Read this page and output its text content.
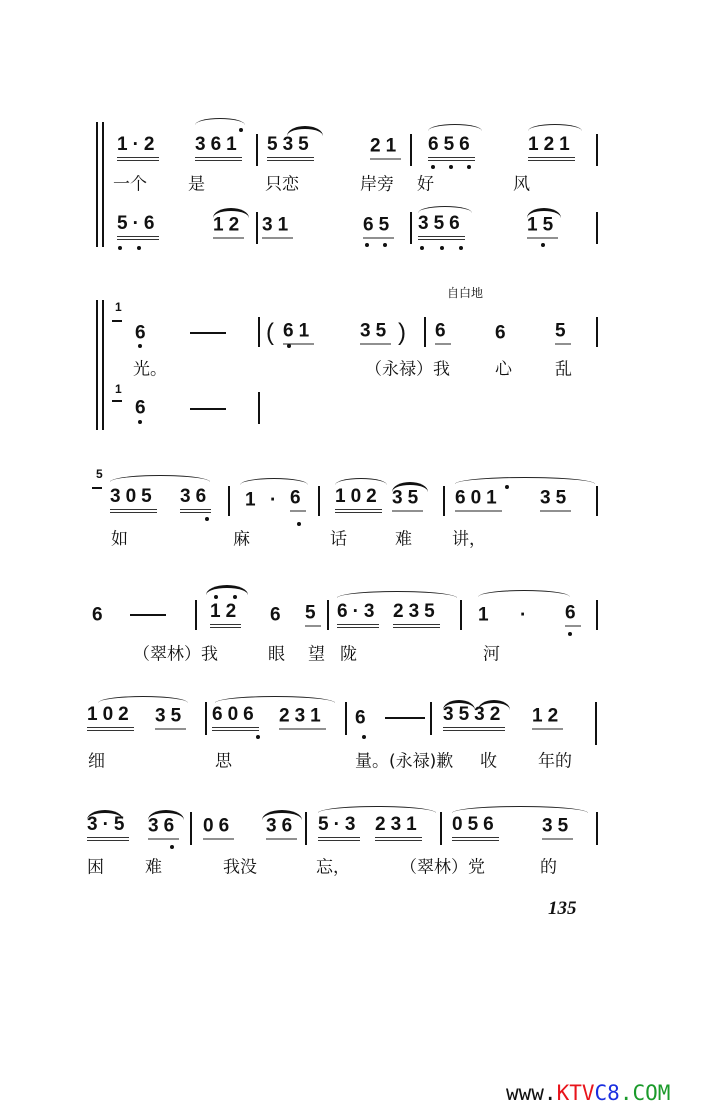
135
www.KTVC8.COM
1·2 361 535	21 656	121
一个 是	只恋	岸旁 好	风
5·6	12 31	65 356	15
自白地
1
1
6	( 61 35 ) 6 6 5
光。	（永禄）我	心	乱
6
5
305 36 1 · 6 102 35 601 35
如	麻	话	难 讲，
6	12 6 5 6·3 235 1 · 6
（翠林）我	眼 望 陇	河
102 35 606 231 6	3532 12
细	思	量。(永禄)歉 收 年的
3·5 36 06 36 5·3 231 056 35
困 难	我没	忘，	（翠林）党	的
